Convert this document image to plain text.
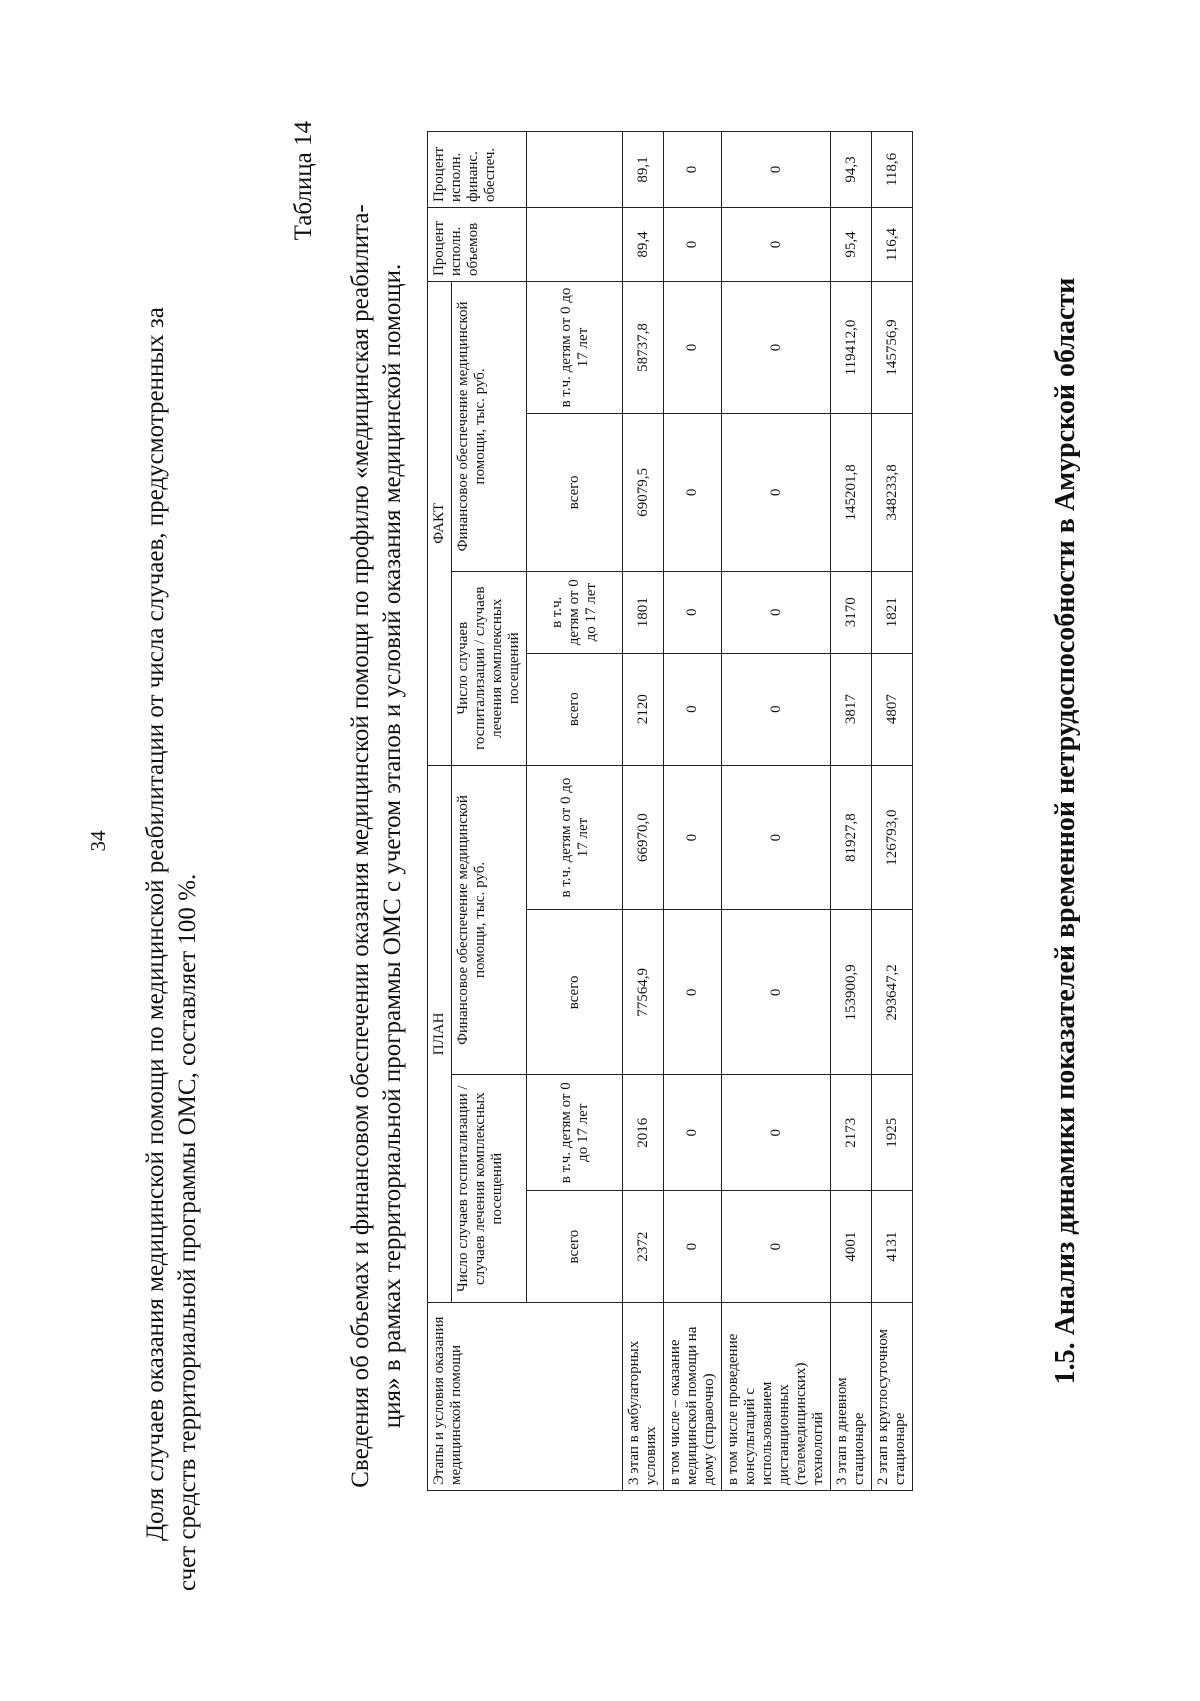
34 Доля случаев оказания медицинской помощи по медицинской реабилитации от числа случаев, предусмотренных за счет средств территориальной программы ОМС, составляет 100 %.
Таблица 14
Сведения об объемах и финансовом обеспечении оказания медицинской помощи по профилю «медицинская реабилита- ция» в рамках территориальной программы ОМС с учетом этапов и условий оказания медицинской помощи. Этапы и условия оказания медицинской помощи	ПЛАН				ФАКТ				Процент исполн. объемов	Процент исполн. финанс. обеспеч.
	Число случаев госпитализации / случаев лечения комплексных посещений		Финансовое обеспечение медицинской помощи, тыс. руб.		Число случаев госпитализации / случаев лечения комплексных посещений		Финансовое обеспечение медицинской помощи, тыс. руб.			
	всего	в т.ч. детям от 0 до 17 лет	всего	в т.ч. детям от 0 до 17 лет	всего	в т.ч. детям от 0 до 17 лет	всего	в т.ч. детям от 0 до 17 лет		
3 этап в амбулаторных условиях	2372	2016	77564,9	66970,0	2120	1801	69079,5	58737,8	89,4	89,1
в том числе – оказание медицинской помощи на дому (справочно)	0	0	0	0	0	0	0	0	0	0
в том числе проведение консультаций с использованием дистанционных (телемедицинских) технологий	0	0	0	0	0	0	0	0	0	0
3 этап в дневном стационаре	4001	2173	153900,9	81927,8	3817	3170	145201,8	119412,0	95,4	94,3
2 этап в круглосуточном стационаре	4131	1925	293647,2	126793,0	4807	1821	348233,8	145756,9	116,4	118,6
1.5. Анализ динамики показателей временной нетрудоспособности в Амурской области
